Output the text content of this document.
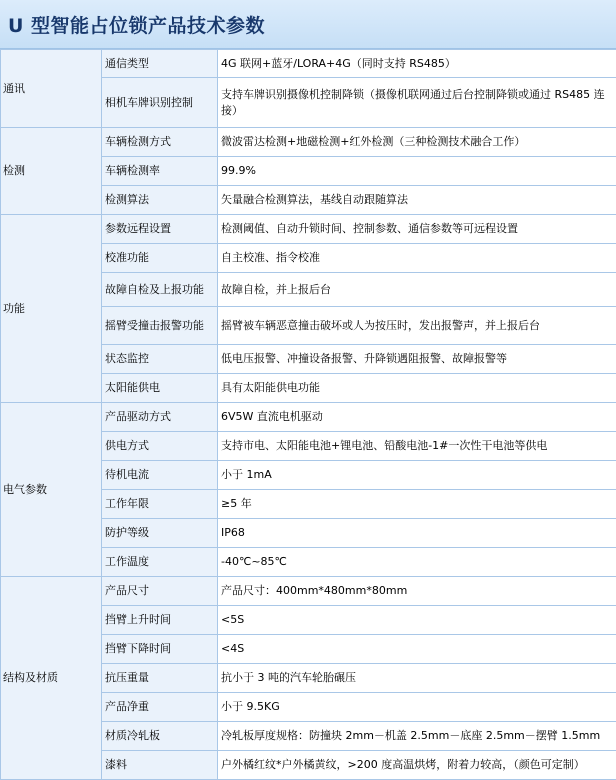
U 型智能占位锁产品技术参数
通讯	通信类型	4G 联网+蓝牙/LORA+4G（同时支持 RS485）
	相机车牌识别控制	支持车牌识别摄像机控制降锁（摄像机联网通过后台控制降锁或通过 RS485 连接）
检测	车辆检测方式	微波雷达检测+地磁检测+红外检测（三种检测技术融合工作）
	车辆检测率	99.9%
	检测算法	矢量融合检测算法，基线自动跟随算法
功能	参数远程设置	检测阈值、自动升锁时间、控制参数、通信参数等可远程设置
	校准功能	自主校准、指令校准
	故障自检及上报功能	故障自检，并上报后台
	摇臂受撞击报警功能	摇臂被车辆恶意撞击破坏或人为按压时，发出报警声，并上报后台
	状态监控	低电压报警、冲撞设备报警、升降锁遇阻报警、故障报警等
	太阳能供电	具有太阳能供电功能
电气参数	产品驱动方式	6V5W 直流电机驱动
	供电方式	支持市电、太阳能电池+锂电池、铅酸电池-1#一次性干电池等供电
	待机电流	小于 1mA
	工作年限	≥5 年
	防护等级	IP68
	工作温度	-40℃~85℃
结构及材质	产品尺寸	产品尺寸：400mm*480mm*80mm
	挡臂上升时间	<5S
	挡臂下降时间	<4S
	抗压重量	抗小于 3 吨的汽车轮胎碾压
	产品净重	小于 9.5KG
	材质冷轧板	冷轧板厚度规格：防撞块 2mm－机盖 2.5mm－底座 2.5mm－摆臂 1.5mm
	漆料	户外橘红纹*户外橘黄纹，>200 度高温烘烤，附着力较高，（颜色可定制）
